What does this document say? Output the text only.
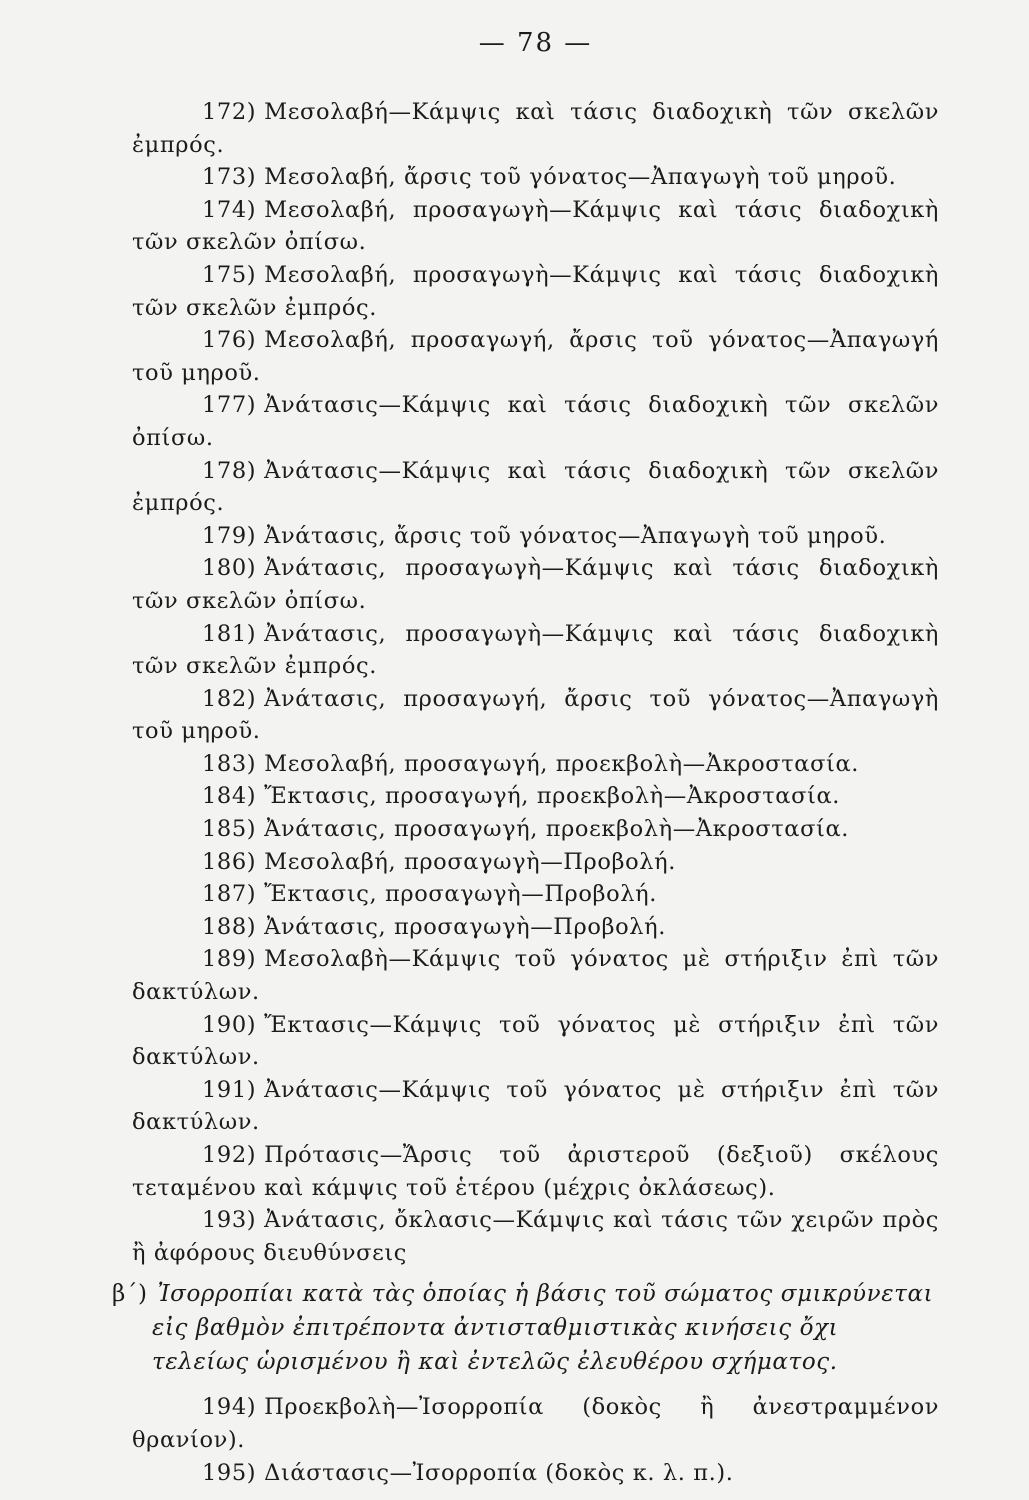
— 78 —

172) Μεσολαβή—Κάμψις καὶ τάσις διαδοχικὴ τῶν σκελῶν ἐμπρός.

173) Μεσολαβή, ἄρσις τοῦ γόνατος—Ἀπαγωγὴ τοῦ μηροῦ.

174) Μεσολαβή, προσαγωγὴ—Κάμψις καὶ τάσις διαδοχικὴ τῶν σκελῶν ὀπίσω.

175) Μεσολαβή, προσαγωγὴ—Κάμψις καὶ τάσις διαδοχικὴ τῶν σκελῶν ἐμπρός.

176) Μεσολαβή, προσαγωγή, ἄρσις τοῦ γόνατος—Ἀπαγωγή τοῦ μηροῦ.

177) Ἀνάτασις—Κάμψις καὶ τάσις διαδοχικὴ τῶν σκελῶν ὀπίσω.

178) Ἀνάτασις—Κάμψις καὶ τάσις διαδοχικὴ τῶν σκελῶν ἐμπρός.

179) Ἀνάτασις, ἄρσις τοῦ γόνατος—Ἀπαγωγὴ τοῦ μηροῦ.

180) Ἀνάτασις, προσαγωγὴ—Κάμψις καὶ τάσις διαδοχικὴ τῶν σκελῶν ὀπίσω.

181) Ἀνάτασις, προσαγωγὴ—Κάμψις καὶ τάσις διαδοχικὴ τῶν σκελῶν ἐμπρός.

182) Ἀνάτασις, προσαγωγή, ἄρσις τοῦ γόνατος—Ἀπαγωγὴ τοῦ μηροῦ.

183) Μεσολαβή, προσαγωγή, προεκβολὴ—Ἀκροστασία.

184) Ἔκτασις, προσαγωγή, προεκβολὴ—Ἀκροστασία.

185) Ἀνάτασις, προσαγωγή, προεκβολὴ—Ἀκροστασία.

186) Μεσολαβή, προσαγωγὴ—Προβολή.

187) Ἔκτασις, προσαγωγὴ—Προβολή.

188) Ἀνάτασις, προσαγωγὴ—Προβολή.

189) Μεσολαβὴ—Κάμψις τοῦ γόνατος μὲ στήριξιν ἐπὶ τῶν δακτύλων.

190) Ἔκτασις—Κάμψις τοῦ γόνατος μὲ στήριξιν ἐπὶ τῶν δακτύλων.

191) Ἀνάτασις—Κάμψις τοῦ γόνατος μὲ στήριξιν ἐπὶ τῶν δακτύλων.

192) Πρότασις—Ἄρσις τοῦ ἀριστεροῦ (δεξιοῦ) σκέλους τεταμένου καὶ κάμψις τοῦ ἑτέρου (μέχρις ὀκλάσεως).

193) Ἀνάτασις, ὄκλασις—Κάμψις καὶ τάσις τῶν χειρῶν πρὸς ἢ ἀφόρους διευθύνσεις

β΄) Ἰσορροπίαι κατὰ τὰς ὁποίας ἡ βάσις τοῦ σώματος σμικρύνεται εἰς βαθμὸν ἐπιτρέποντα ἀντισταθμιστικὰς κινήσεις ὄχι τελείως ὡρισμένου ἢ καὶ ἐντελῶς ἐλευθέρου σχήματος.

194) Προεκβολὴ—Ἰσορροπία (δοκὸς ἢ ἀνεστραμμένον θρανίον).

195) Διάστασις—Ἰσορροπία (δοκὸς κ. λ. π.).
